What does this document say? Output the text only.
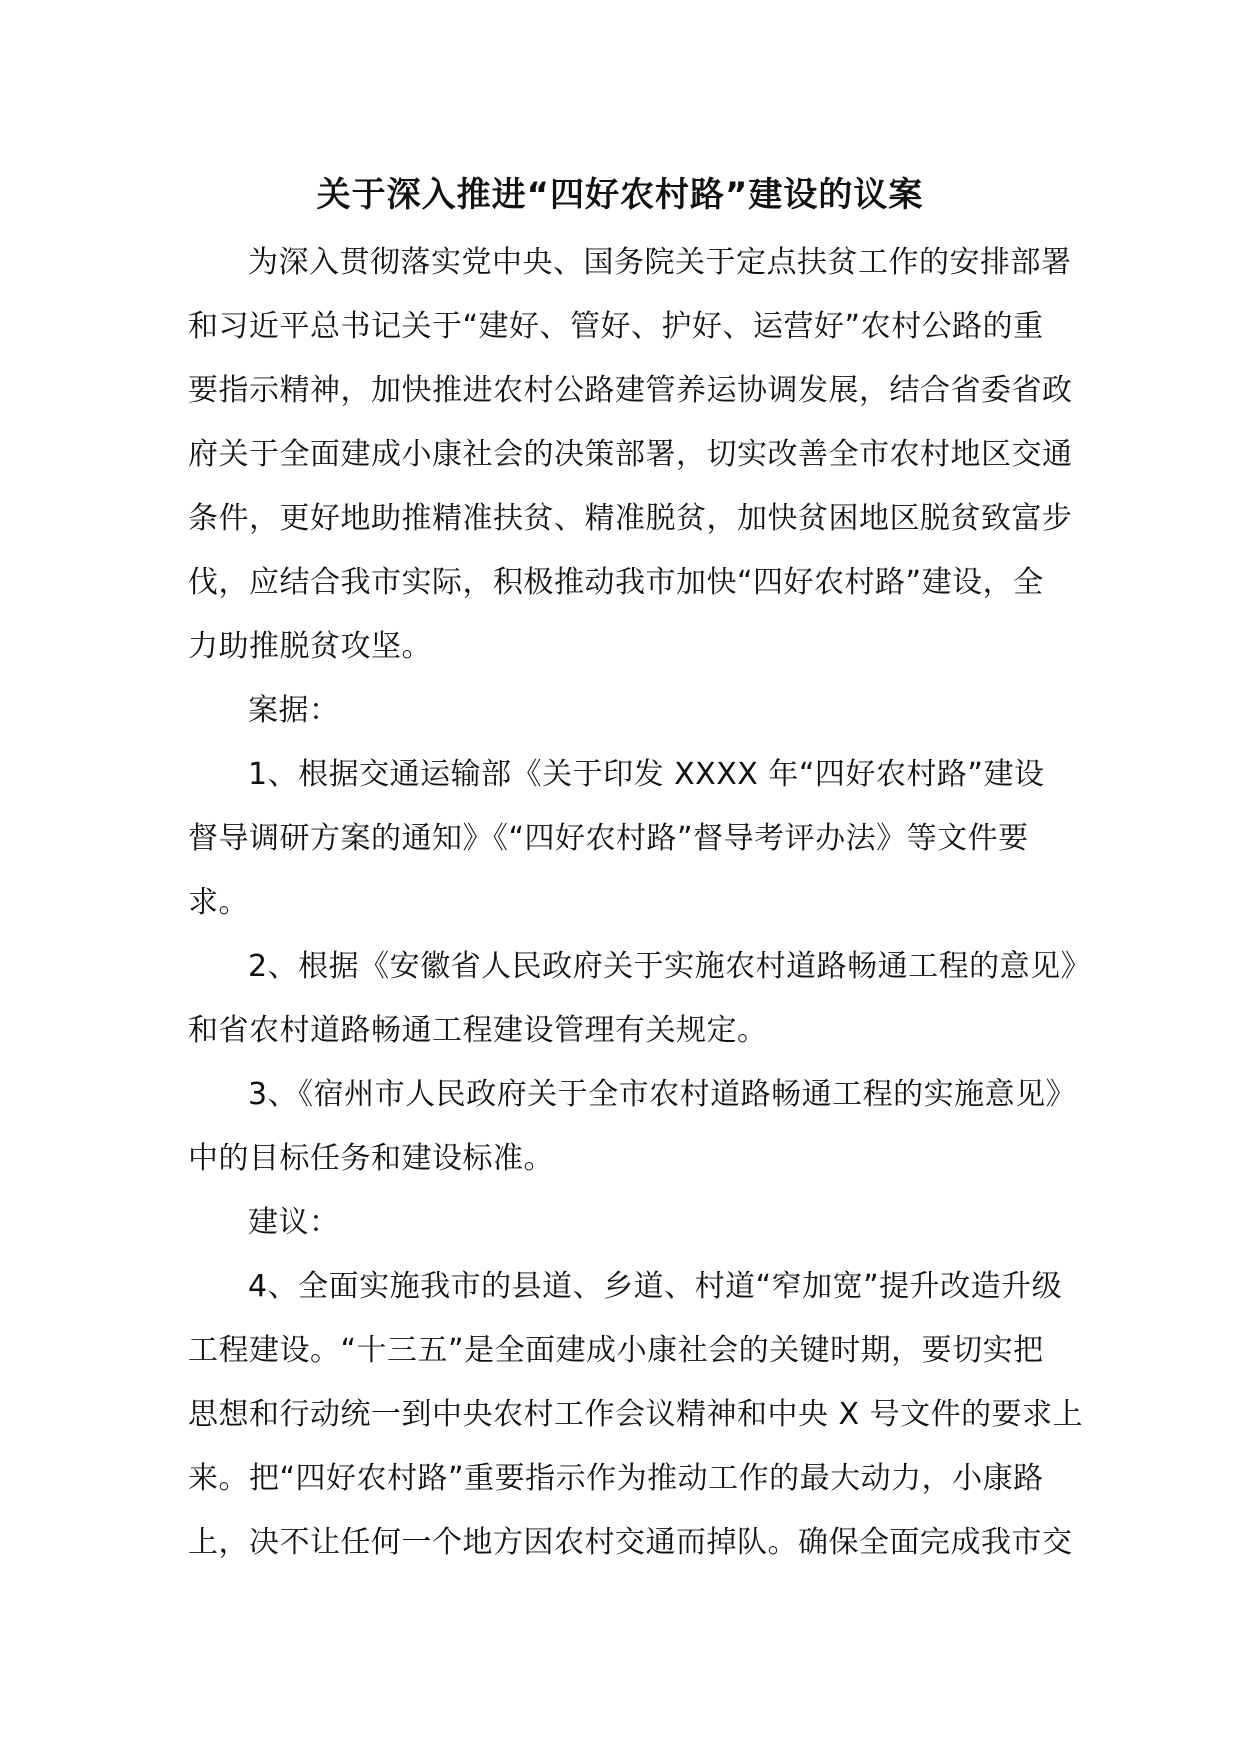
关于深入推进“四好农村路”建设的议案
为深入贯彻落实党中央、国务院关于定点扶贫工作的安排部署
和习近平总书记关于“建好、管好、护好、运营好”农村公路的重
要指示精神，加快推进农村公路建管养运协调发展，结合省委省政
府关于全面建成小康社会的决策部署，切实改善全市农村地区交通
条件，更好地助推精准扶贫、精准脱贫，加快贫困地区脱贫致富步
伐，应结合我市实际，积极推动我市加快“四好农村路”建设，全
力助推脱贫攻坚。
案据：
1、根据交通运输部《关于印发 XXXX 年“四好农村路”建设
督导调研方案的通知》《“四好农村路”督导考评办法》等文件要
求。
2、根据《安徽省人民政府关于实施农村道路畅通工程的意见》
和省农村道路畅通工程建设管理有关规定。
3、《宿州市人民政府关于全市农村道路畅通工程的实施意见》
中的目标任务和建设标准。
建议：
4、全面实施我市的县道、乡道、村道“窄加宽”提升改造升级
工程建设。“十三五”是全面建成小康社会的关键时期，要切实把
思想和行动统一到中央农村工作会议精神和中央 X 号文件的要求上
来。把“四好农村路”重要指示作为推动工作的最大动力，小康路
上，决不让任何一个地方因农村交通而掉队。确保全面完成我市交
